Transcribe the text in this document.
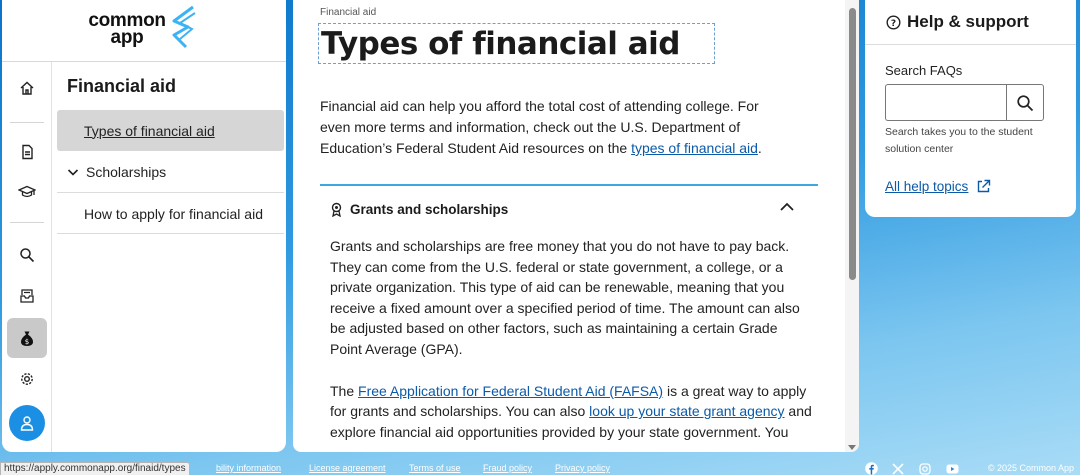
common
app
$
Financial aid
Types of financial aid
Scholarships
How to apply for financial aid
Financial aid
Types of financial aid

Financial aid can help you afford the total cost of attending college. For even more terms and information, check out the U.S. Department of Education’s Federal Student Aid resources on the types of financial aid.

Grants and scholarships

Grants and scholarships are free money that you do not have to pay back. They can come from the U.S. federal or state government, a college, or a private organization. This type of aid can be renewable, meaning that you receive a fixed amount over a specified period of time. The amount can also be adjusted based on other factors, such as maintaining a certain Grade Point Average (GPA).

The Free Application for Federal Student Aid (FAFSA) is a great way to apply for grants and scholarships. You can also look up your state grant agency and explore financial aid opportunities provided by your state government. You

? Help & support
Search FAQs
Search takes you to the student solution center
All help topics
bility information	License agreement	Terms of use Fraud policy	Privacy policy	© 2025 Common App
https://apply.commonapp.org/finaid/types
